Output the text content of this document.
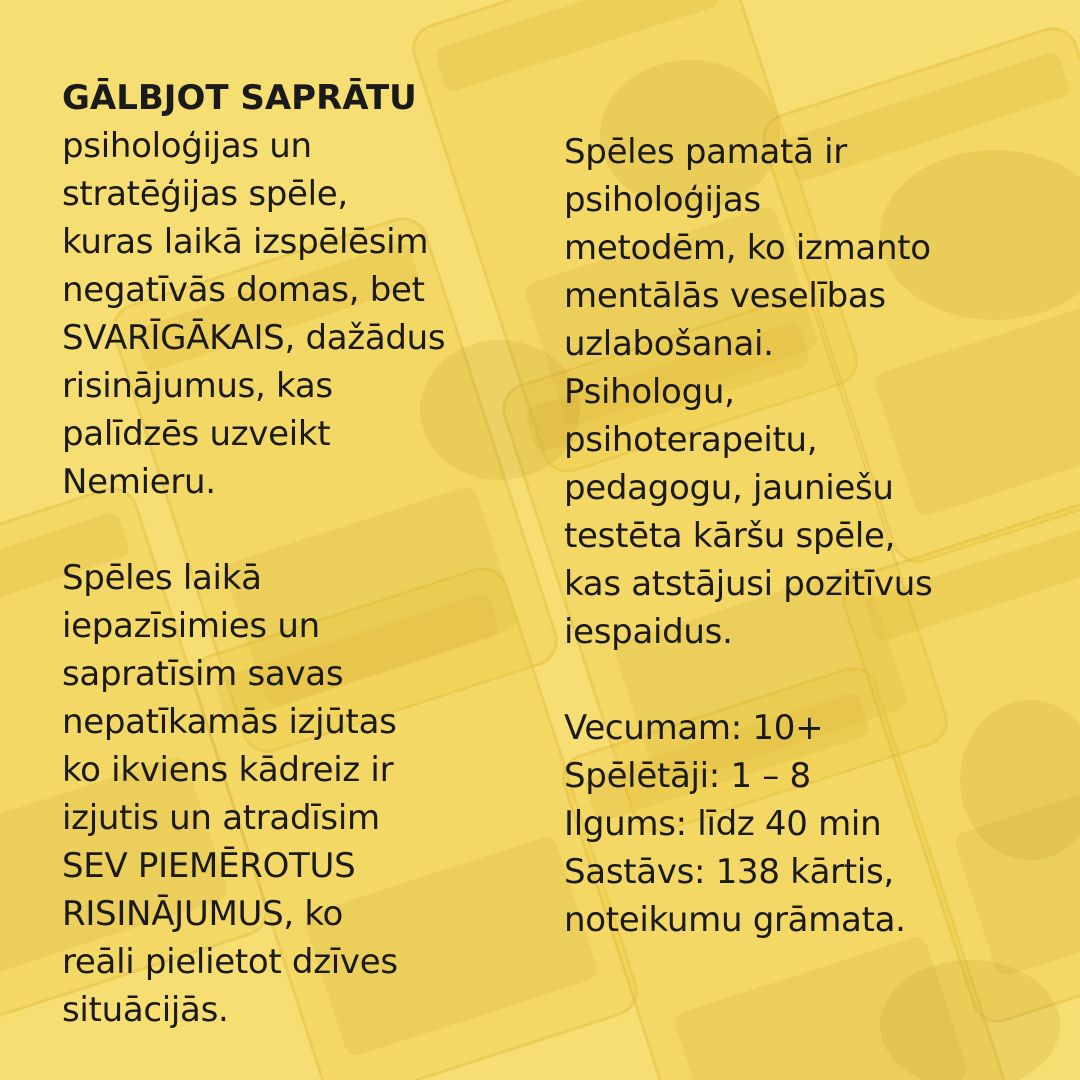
GĀLBJOT SAPRĀTU
psiholoģijas un
stratēģijas spēle,
kuras laikā izspēlēsim
negatīvās domas, bet
SVARĪGĀKAIS, dažādus
risinājumus, kas
palīdzēs uzveikt
Nemieru.
Spēles laikā
iepazīsimies un
sapratīsim savas
nepatīkamās izjūtas
ko ikviens kādreiz ir
izjutis un atradīsim
SEV PIEMĒROTUS
RISINĀJUMUS, ko
reāli pielietot dzīves
situācijās.
Spēles pamatā ir
psiholoģijas
metodēm, ko izmanto
mentālās veselības
uzlabošanai.
Psihologu,
psihoterapeitu,
pedagogu, jauniešu
testēta kāršu spēle,
kas atstājusi pozitīvus
iespaidus.
Vecumam: 10+
Spēlētāji: 1 – 8
Ilgums: līdz 40 min
Sastāvs: 138 kārtis,
noteikumu grāmata.
